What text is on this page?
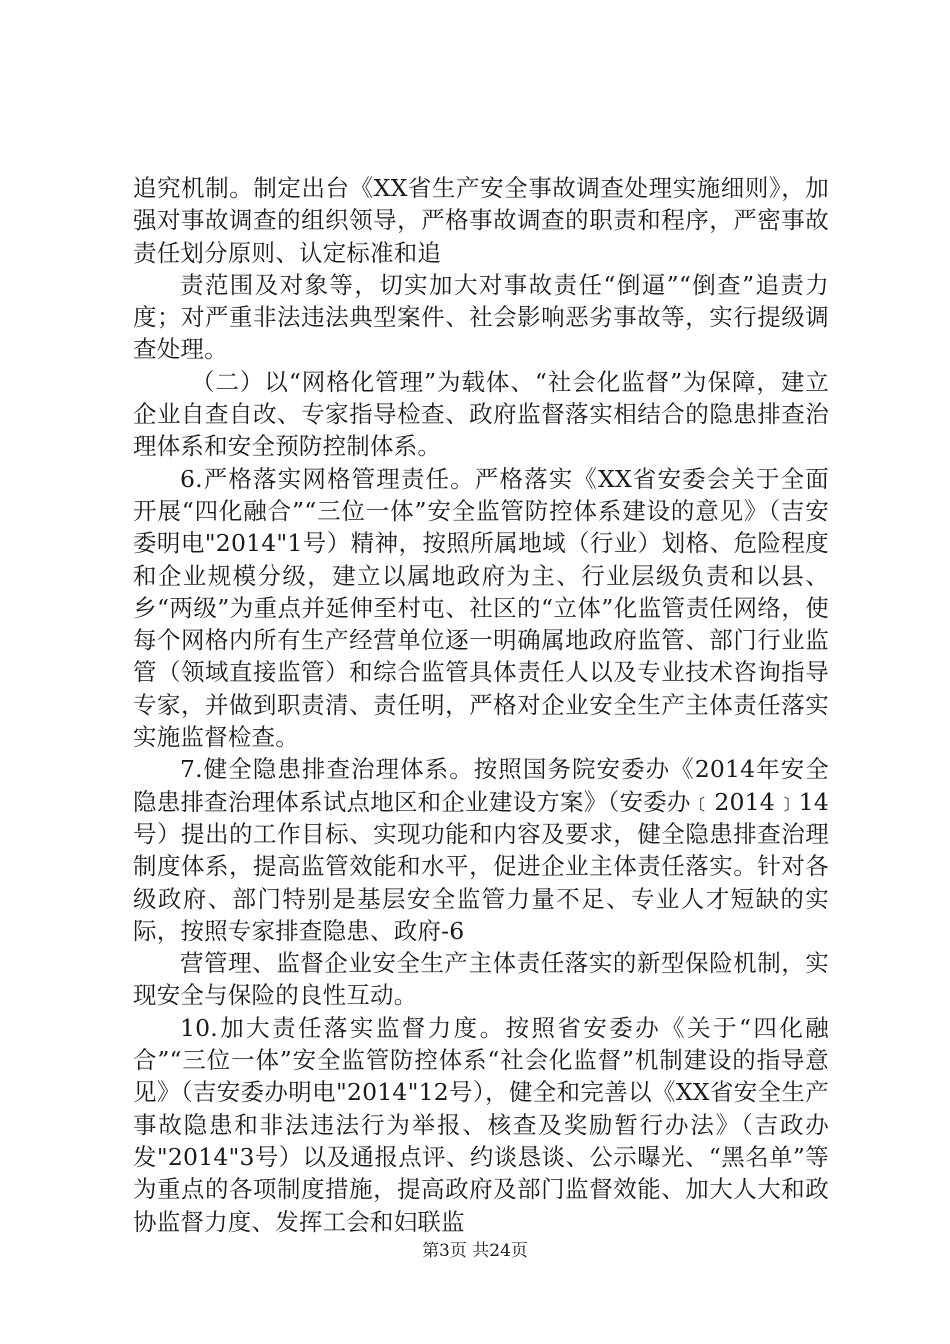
追究机制。制定出台《XX省生产安全事故调查处理实施细则》，加强对事故调查的组织领导，严格事故调查的职责和程序，严密事故责任划分原则、认定标准和追

责范围及对象等，切实加大对事故责任“倒逼”“倒查”追责力度；对严重非法违法典型案件、社会影响恶劣事故等，实行提级调查处理。

（二）以“网格化管理”为载体、“社会化监督”为保障，建立企业自查自改、专家指导检查、政府监督落实相结合的隐患排查治理体系和安全预防控制体系。

6.严格落实网格管理责任。严格落实《XX省安委会关于全面开展“四化融合”“三位一体”安全监管防控体系建设的意见》（吉安委明电"2014"1号）精神，按照所属地域（行业）划格、危险程度和企业规模分级，建立以属地政府为主、行业层级负责和以县、乡“两级”为重点并延伸至村屯、社区的“立体”化监管责任网络，使每个网格内所有生产经营单位逐一明确属地政府监管、部门行业监管（领域直接监管）和综合监管具体责任人以及专业技术咨询指导专家，并做到职责清、责任明，严格对企业安全生产主体责任落实实施监督检查。

7.健全隐患排查治理体系。按照国务院安委办《2014年安全隐患排查治理体系试点地区和企业建设方案》（安委办﹝2014﹞14号）提出的工作目标、实现功能和内容及要求，健全隐患排查治理制度体系，提高监管效能和水平，促进企业主体责任落实。针对各级政府、部门特别是基层安全监管力量不足、专业人才短缺的实际，按照专家排查隐患、政府-6

营管理、监督企业安全生产主体责任落实的新型保险机制，实现安全与保险的良性互动。

10.加大责任落实监督力度。按照省安委办《关于“四化融合”“三位一体”安全监管防控体系“社会化监督”机制建设的指导意见》（吉安委办明电"2014"12号），健全和完善以《XX省安全生产事故隐患和非法违法行为举报、核查及奖励暂行办法》（吉政办发"2014"3号）以及通报点评、约谈恳谈、公示曝光、“黑名单”等为重点的各项制度措施，提高政府及部门监督效能、加大人大和政协监督力度、发挥工会和妇联监

第3页 共24页
